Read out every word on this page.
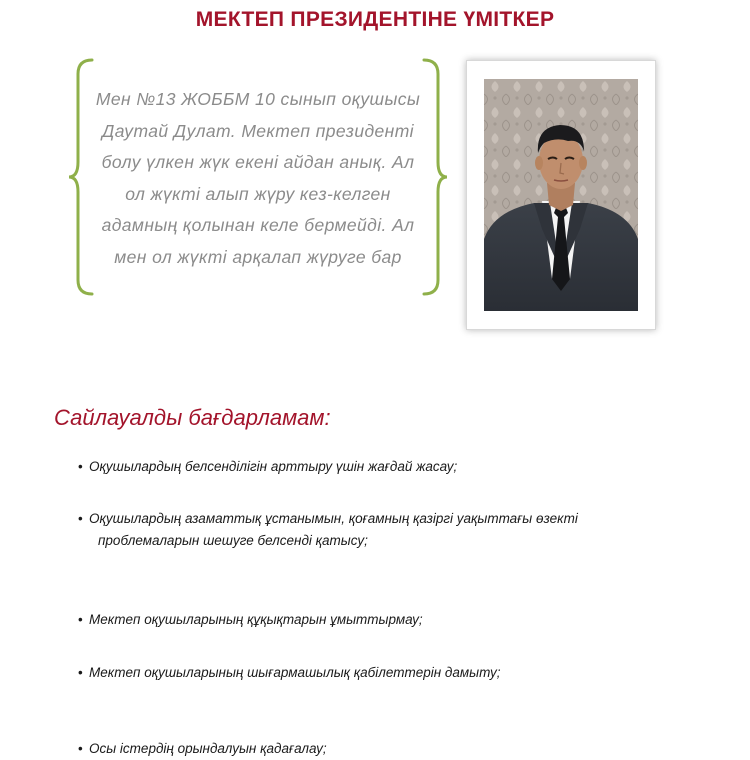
МЕКТЕП ПРЕЗИДЕНТІНЕ ҮМІТКЕР
Мен №13 ЖОББМ 10 сынып оқушысы
Даутай Дулат. Мектеп президенті
болу үлкен жүк екені айдан анық. Ал
ол жүкті алып жүру кез-келген
адамның қолынан келе бермейді. Ал
мен ол жүкті арқалап жүруге бар
Сайлауалды бағдарламам:
• Оқушылардың белсенділігін арттыру үшін жағдай жасау;
• Оқушылардың азаматтық ұстанымын, қоғамның қазіргі уақыттағы өзекті
проблемаларын шешуге белсенді қатысу;
• Мектеп оқушыларының құқықтарын ұмыттырмау;
• Мектеп оқушыларының шығармашылық қабілеттерін дамыту;
• Осы істердің орындалуын қадағалау;
